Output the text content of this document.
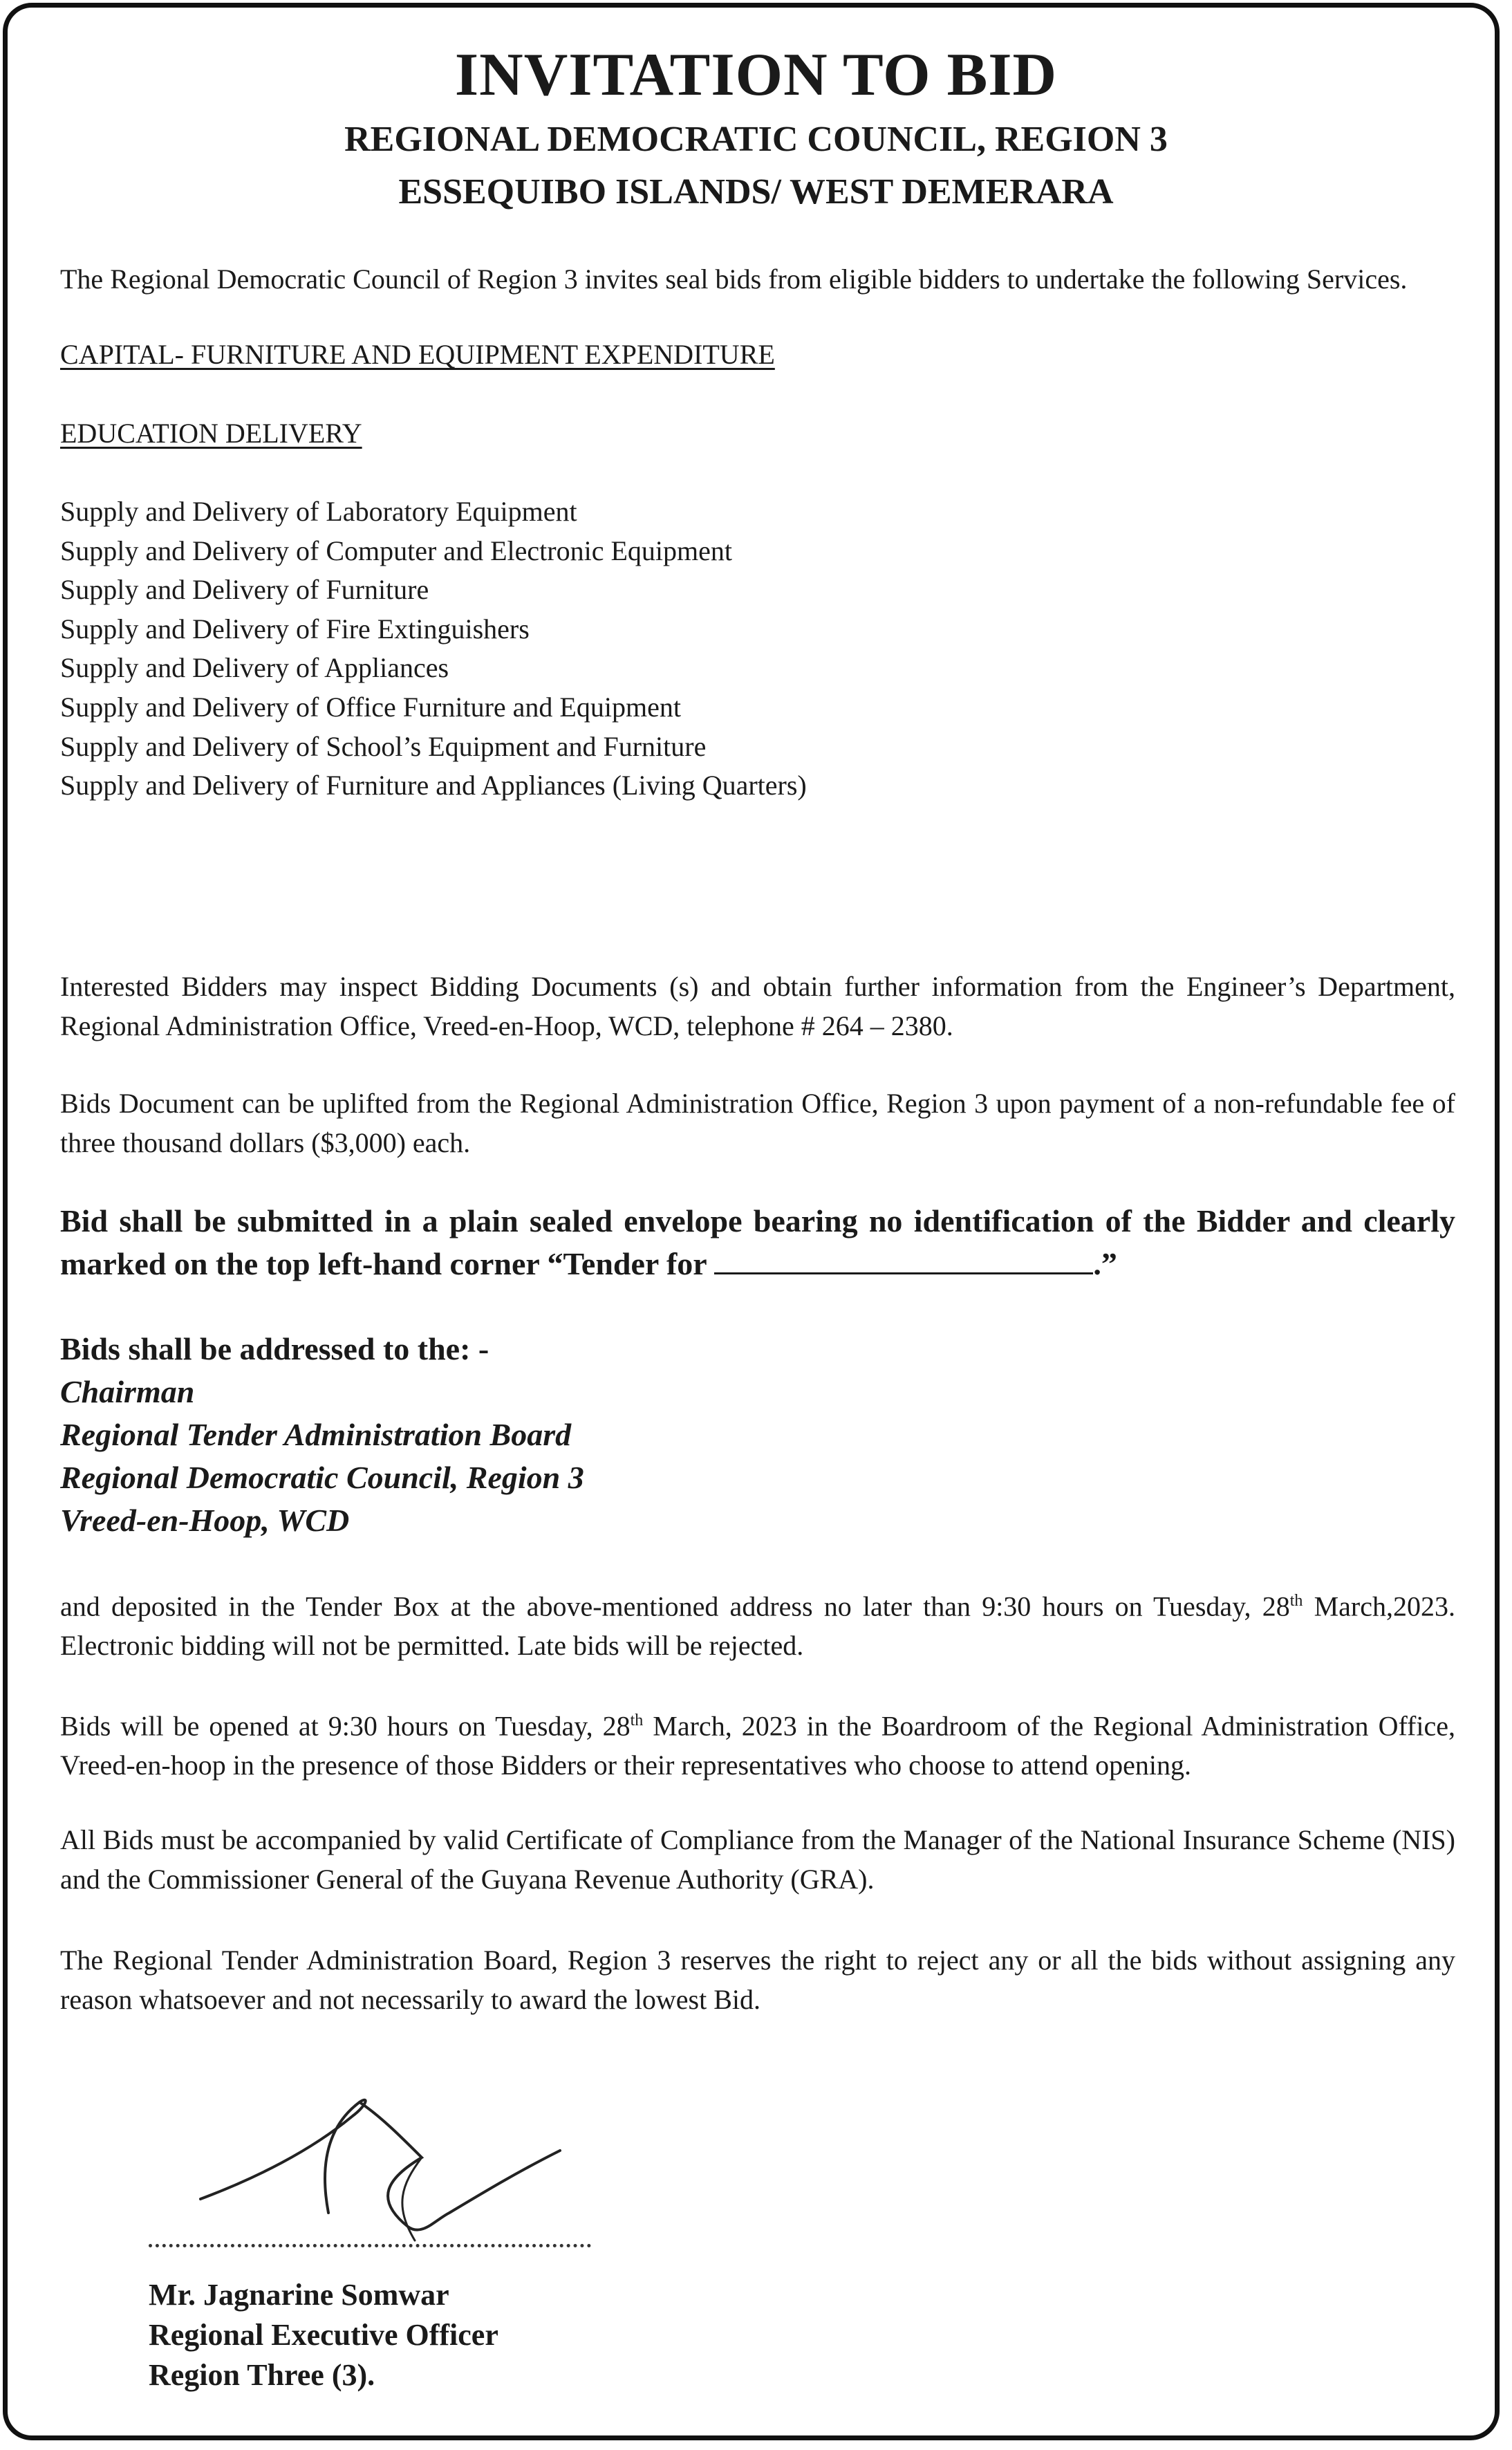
INVITATION TO BID
REGIONAL DEMOCRATIC COUNCIL, REGION 3
ESSEQUIBO ISLANDS/ WEST DEMERARA
The Regional Democratic Council of Region 3 invites seal bids from eligible bidders to undertake the following Services.
CAPITAL- FURNITURE AND EQUIPMENT EXPENDITURE
EDUCATION DELIVERY
Supply and Delivery of Laboratory Equipment
Supply and Delivery of Computer and Electronic Equipment
Supply and Delivery of Furniture
Supply and Delivery of Fire Extinguishers
Supply and Delivery of Appliances
Supply and Delivery of Office Furniture and Equipment
Supply and Delivery of School’s Equipment and Furniture
Supply and Delivery of Furniture and Appliances (Living Quarters)
Interested Bidders may inspect Bidding Documents (s) and obtain further information from the Engineer’s Department, Regional Administration Office, Vreed-en-Hoop, WCD, telephone # 264 – 2380.
Bids Document can be uplifted from the Regional Administration Office, Region 3 upon payment of a non-refundable fee of three thousand dollars ($3,000) each.
Bid shall be submitted in a plain sealed envelope bearing no identification of the Bidder and clearly marked on the top left-hand corner “Tender for	.”
Bids shall be addressed to the: -
Chairman
Regional Tender Administration Board
Regional Democratic Council, Region 3
Vreed-en-Hoop, WCD
and deposited in the Tender Box at the above-mentioned address no later than 9:30 hours on Tuesday, 28th March,2023. Electronic bidding will not be permitted. Late bids will be rejected.
Bids will be opened at 9:30 hours on Tuesday, 28th March, 2023 in the Boardroom of the Regional Administration Office, Vreed-en-hoop in the presence of those Bidders or their representatives who choose to attend opening.
All Bids must be accompanied by valid Certificate of Compliance from the Manager of the National Insurance Scheme (NIS) and the Commissioner General of the Guyana Revenue Authority (GRA).
The Regional Tender Administration Board, Region 3 reserves the right to reject any or all the bids without assigning any reason whatsoever and not necessarily to award the lowest Bid.
Mr. Jagnarine Somwar
Regional Executive Officer
Region Three (3).
